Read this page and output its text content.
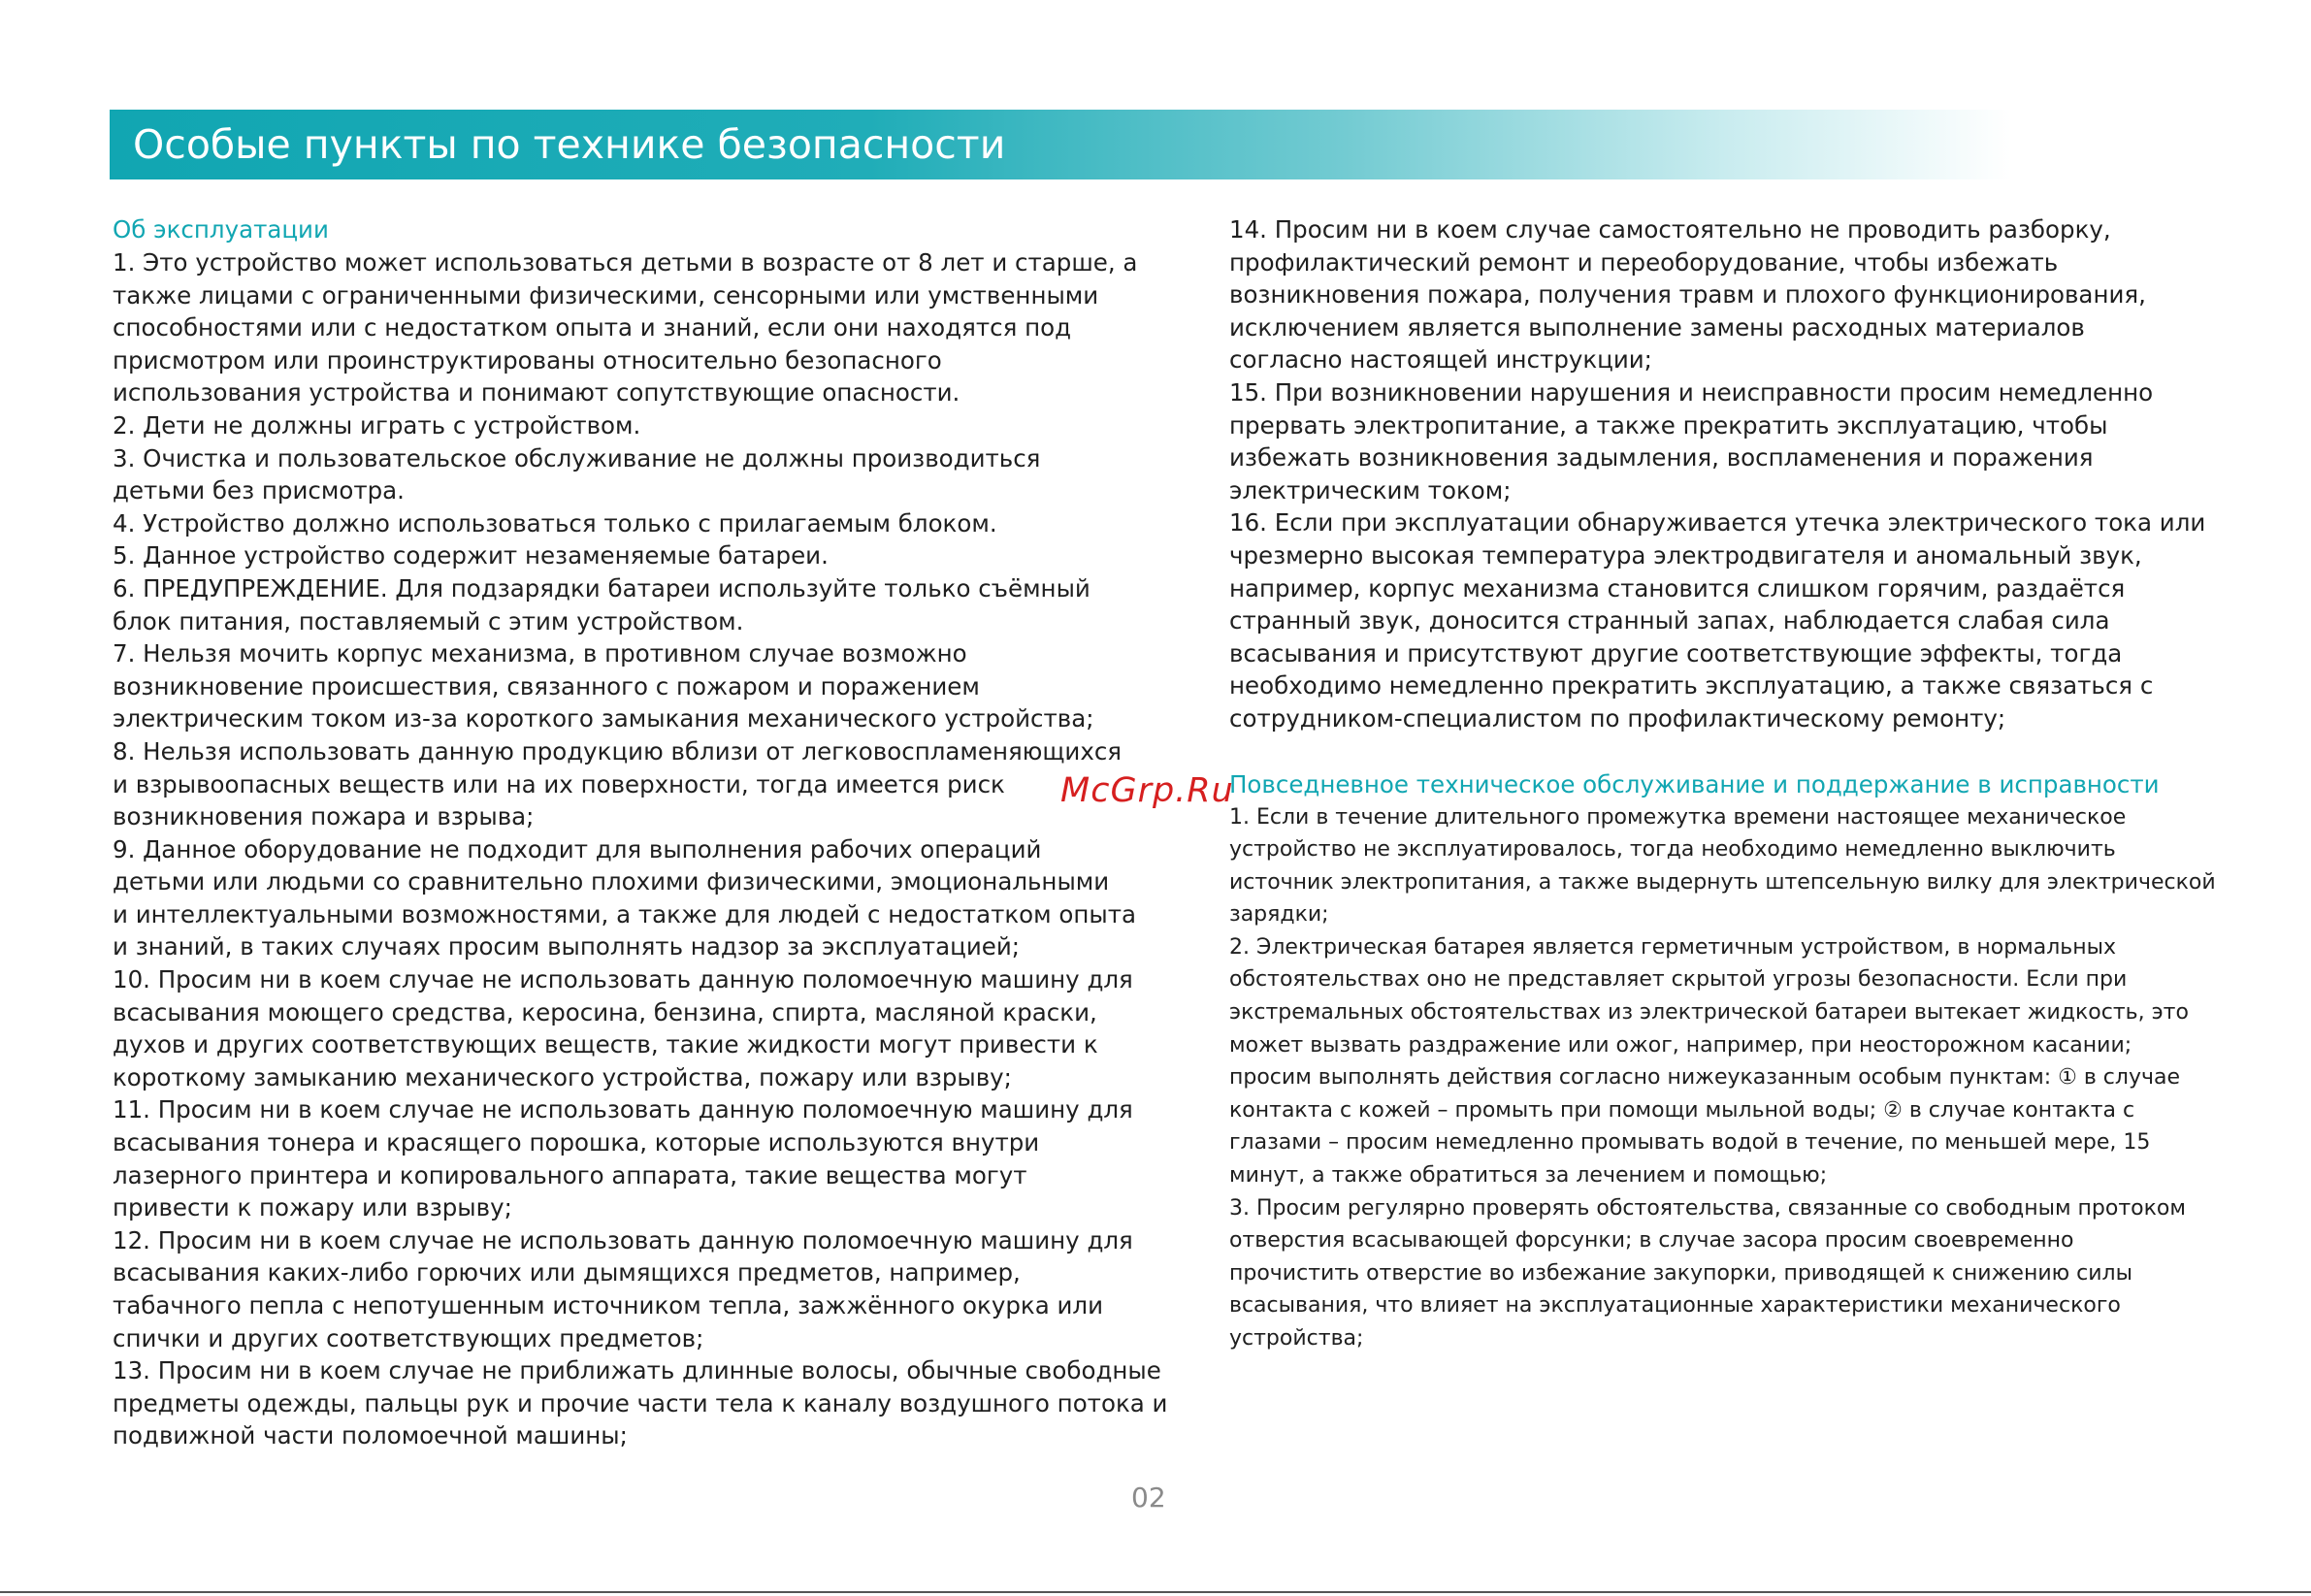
Особые пункты по технике безопасности
Об эксплуатации
1. Это устройство может использоваться детьми в возрасте от 8 лет и старше, а
также лицами с ограниченными физическими, сенсорными или умственными
способностями или с недостатком опыта и знаний, если они находятся под
присмотром или проинструктированы относительно безопасного
использования устройства и понимают сопутствующие опасности.
2. Дети не должны играть с устройством.
3. Очистка и пользовательское обслуживание не должны производиться
детьми без присмотра.
4. Устройство должно использоваться только с прилагаемым блоком.
5. Данное устройство содержит незаменяемые батареи.
6. ПРЕДУПРЕЖДЕНИЕ. Для подзарядки батареи используйте только съёмный
блок питания, поставляемый с этим устройством.
7. Нельзя мочить корпус механизма, в противном случае возможно
возникновение происшествия, связанного с пожаром и поражением
электрическим током из-за короткого замыкания механического устройства;
8. Нельзя использовать данную продукцию вблизи от легковоспламеняющихся
и взрывоопасных веществ или на их поверхности, тогда имеется риск
возникновения пожара и взрыва;
9. Данное оборудование не подходит для выполнения рабочих операций
детьми или людьми со сравнительно плохими физическими, эмоциональными
и интеллектуальными возможностями, а также для людей с недостатком опыта
и знаний, в таких случаях просим выполнять надзор за эксплуатацией;
10. Просим ни в коем случае не использовать данную поломоечную машину для
всасывания моющего средства, керосина, бензина, спирта, масляной краски,
духов и других соответствующих веществ, такие жидкости могут привести к
короткому замыканию механического устройства, пожару или взрыву;
11. Просим ни в коем случае не использовать данную поломоечную машину для
всасывания тонера и красящего порошка, которые используются внутри
лазерного принтера и копировального аппарата, такие вещества могут
привести к пожару или взрыву;
12. Просим ни в коем случае не использовать данную поломоечную машину для
всасывания каких-либо горючих или дымящихся предметов, например,
табачного пепла с непотушенным источником тепла, зажжённого окурка или
спички и других соответствующих предметов;
13. Просим ни в коем случае не приближать длинные волосы, обычные свободные
предметы одежды, пальцы рук и прочие части тела к каналу воздушного потока и
подвижной части поломоечной машины;
14. Просим ни в коем случае самостоятельно не проводить разборку,
профилактический ремонт и переоборудование, чтобы избежать
возникновения пожара, получения травм и плохого функционирования,
исключением является выполнение замены расходных материалов
согласно настоящей инструкции;
15. При возникновении нарушения и неисправности просим немедленно
прервать электропитание, а также прекратить эксплуатацию, чтобы
избежать возникновения задымления, воспламенения и поражения
электрическим током;
16. Если при эксплуатации обнаруживается утечка электрического тока или
чрезмерно высокая температура электродвигателя и аномальный звук,
например, корпус механизма становится слишком горячим, раздаётся
странный звук, доносится странный запах, наблюдается слабая сила
всасывания и присутствуют другие соответствующие эффекты, тогда
необходимо немедленно прекратить эксплуатацию, а также связаться с
сотрудником-специалистом по профилактическому ремонту;
Повседневное техническое обслуживание и поддержание в исправности
1. Если в течение длительного промежутка времени настоящее механическое
устройство не эксплуатировалось, тогда необходимо немедленно выключить
источник электропитания, а также выдернуть штепсельную вилку для электрической
зарядки;
2. Электрическая батарея является герметичным устройством, в нормальных
обстоятельствах оно не представляет скрытой угрозы безопасности. Если при
экстремальных обстоятельствах из электрической батареи вытекает жидкость, это
может вызвать раздражение или ожог, например, при неосторожном касании;
просим выполнять действия согласно нижеуказанным особым пунктам: ① в случае
контакта с кожей – промыть при помощи мыльной воды; ② в случае контакта с
глазами – просим немедленно промывать водой в течение, по меньшей мере, 15
минут, а также обратиться за лечением и помощью;
3. Просим регулярно проверять обстоятельства, связанные со свободным протоком
отверстия всасывающей форсунки; в случае засора просим своевременно
прочистить отверстие во избежание закупорки, приводящей к снижению силы
всасывания, что влияет на эксплуатационные характеристики механического
устройства;
McGrp.Ru
02
